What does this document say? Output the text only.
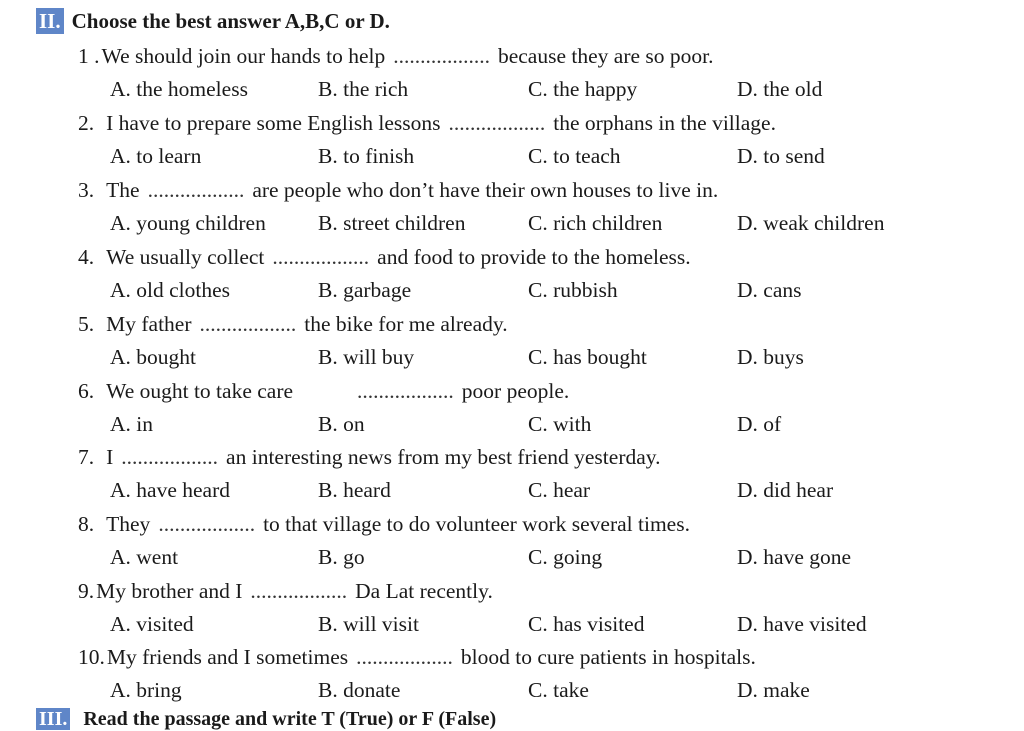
II. Choose the best answer A,B,C or D.
1 .We should join our hands to help .................. because they are so poor.
A. the homeless	B. the rich	C. the happy	D. the old
2. I have to prepare some English lessons .................. the orphans in the village.
A. to learn	B. to finish	C. to teach	D. to send
3. The .................. are people who don’t have their own houses to live in.
A. young children B. street children	C. rich children	D. weak children
4. We usually collect .................. and food to provide to the homeless.
A. old clothes	B. garbage	C. rubbish	D. cans
5. My father .................. the bike for me already.
A. bought	B. will buy	C. has bought	D. buys
6. We ought to take care	.................. poor people.
A. in	B. on	C. with	D. of
7. I .................. an interesting news from my best friend yesterday.
A. have heard	B. heard	C. hear	D. did hear
8. They .................. to that village to do volunteer work several times.
A. went	B. go	C. going	D. have gone
9.My brother and I .................. Da Lat recently.
A. visited	B. will visit	C. has visited	D. have visited
10.My friends and I sometimes .................. blood to cure patients in hospitals.
A. bring	B. donate	C. take	D. make
III. Read the passage and write T (True) or F (False)
